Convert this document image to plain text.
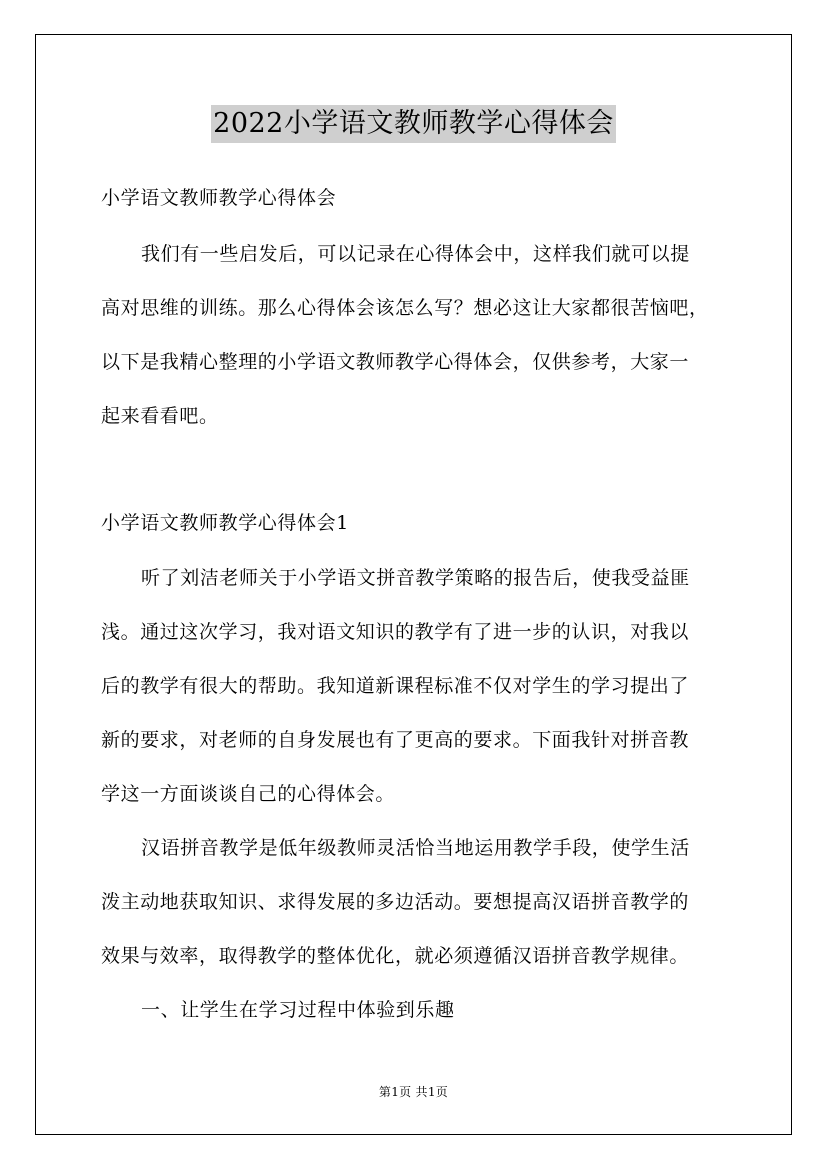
2022小学语文教师教学心得体会

小学语文教师教学心得体会

我们有一些启发后，可以记录在心得体会中，这样我们就可以提

高对思维的训练。那么心得体会该怎么写？想必这让大家都很苦恼吧，

以下是我精心整理的小学语文教师教学心得体会，仅供参考，大家一

起来看看吧。

小学语文教师教学心得体会1

听了刘洁老师关于小学语文拼音教学策略的报告后，使我受益匪

浅。通过这次学习，我对语文知识的教学有了进一步的认识，对我以

后的教学有很大的帮助。我知道新课程标准不仅对学生的学习提出了

新的要求，对老师的自身发展也有了更高的要求。下面我针对拼音教

学这一方面谈谈自己的心得体会。

汉语拼音教学是低年级教师灵活恰当地运用教学手段，使学生活

泼主动地获取知识、求得发展的多边活动。要想提高汉语拼音教学的

效果与效率，取得教学的整体优化，就必须遵循汉语拼音教学规律。

一、让学生在学习过程中体验到乐趣

第1页 共1页
